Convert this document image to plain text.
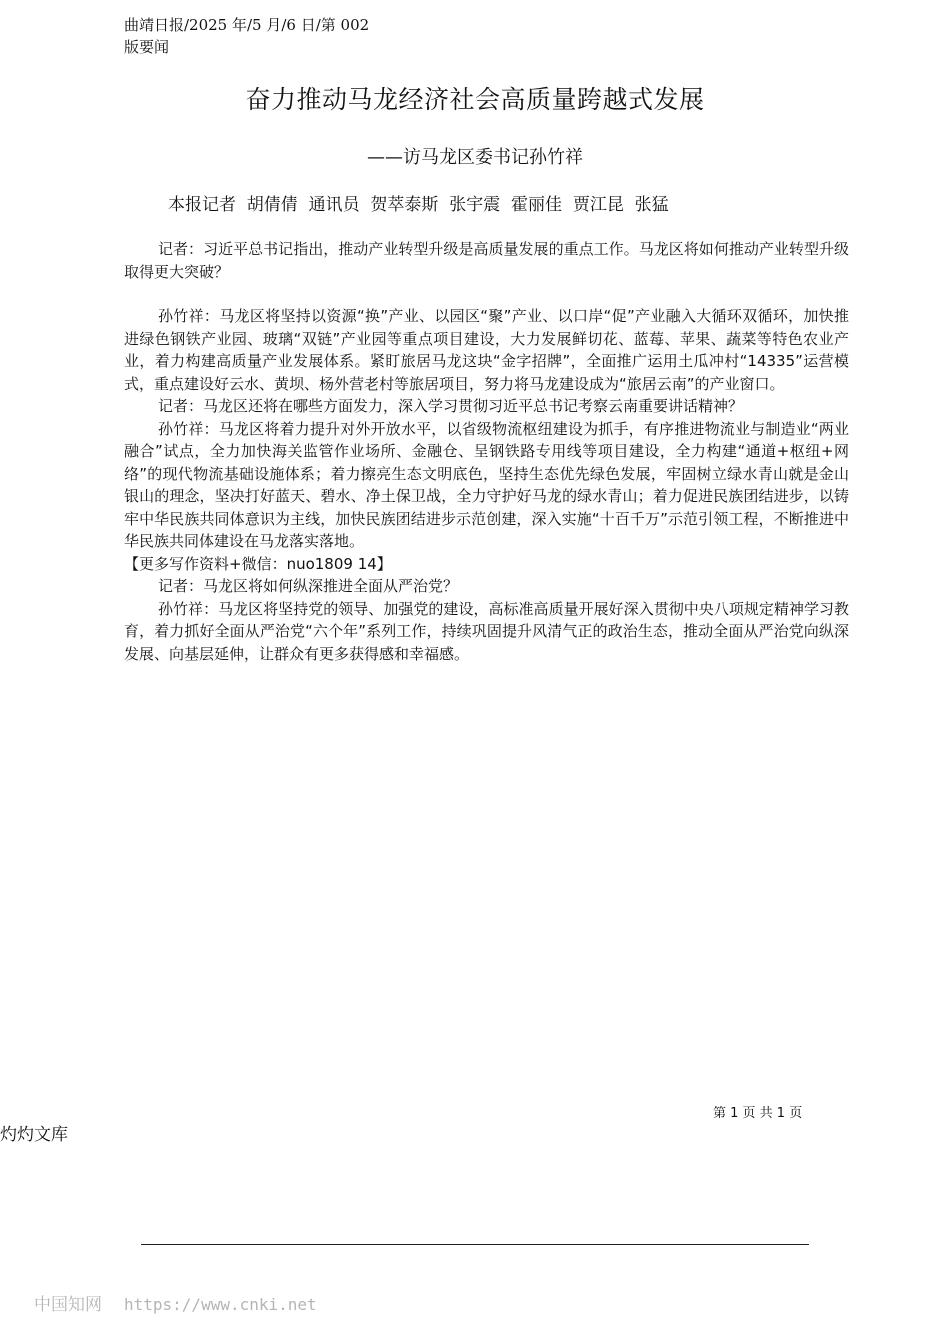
曲靖日报/2025 年/5 月/6 日/第 002
版要闻
奋力推动马龙经济社会高质量跨越式发展
——访马龙区委书记孙竹祥
本报记者  胡倩倩  通讯员  贺萃泰斯  张宇震  霍丽佳  贾江昆  张猛

记者：习近平总书记指出，推动产业转型升级是高质量发展的重点工作。马龙区将如何推动产业转型升级取得更大突破？

孙竹祥：马龙区将坚持以资源“换”产业、以园区“聚”产业、以口岸“促”产业融入大循环双循环，加快推进绿色钢铁产业园、玻璃“双链”产业园等重点项目建设，大力发展鲜切花、蓝莓、苹果、蔬菜等特色农业产业，着力构建高质量产业发展体系。紧盯旅居马龙这块“金字招牌”，全面推广运用土瓜冲村“14335”运营模式，重点建设好云水、黄坝、杨外营老村等旅居项目，努力将马龙建设成为“旅居云南”的产业窗口。

记者：马龙区还将在哪些方面发力，深入学习贯彻习近平总书记考察云南重要讲话精神？

孙竹祥：马龙区将着力提升对外开放水平，以省级物流枢纽建设为抓手，有序推进物流业与制造业“两业融合”试点，全力加快海关监管作业场所、金融仓、呈钢铁路专用线等项目建设，全力构建“通道+枢纽+网络”的现代物流基础设施体系；着力擦亮生态文明底色，坚持生态优先绿色发展，牢固树立绿水青山就是金山银山的理念，坚决打好蓝天、碧水、净土保卫战，全力守护好马龙的绿水青山；着力促进民族团结进步，以铸牢中华民族共同体意识为主线，加快民族团结进步示范创建，深入实施“十百千万”示范引领工程，不断推进中华民族共同体建设在马龙落实落地。

【更多写作资料+微信：nuo1809 14】

记者：马龙区将如何纵深推进全面从严治党？

孙竹祥：马龙区将坚持党的领导、加强党的建设，高标准高质量开展好深入贯彻中央八项规定精神学习教育，着力抓好全面从严治党“六个年”系列工作，持续巩固提升风清气正的政治生态，推动全面从严治党向纵深发展、向基层延伸，让群众有更多获得感和幸福感。

第 1 页 共 1 页
灼灼文库
中国知网 https://www.cnki.net
